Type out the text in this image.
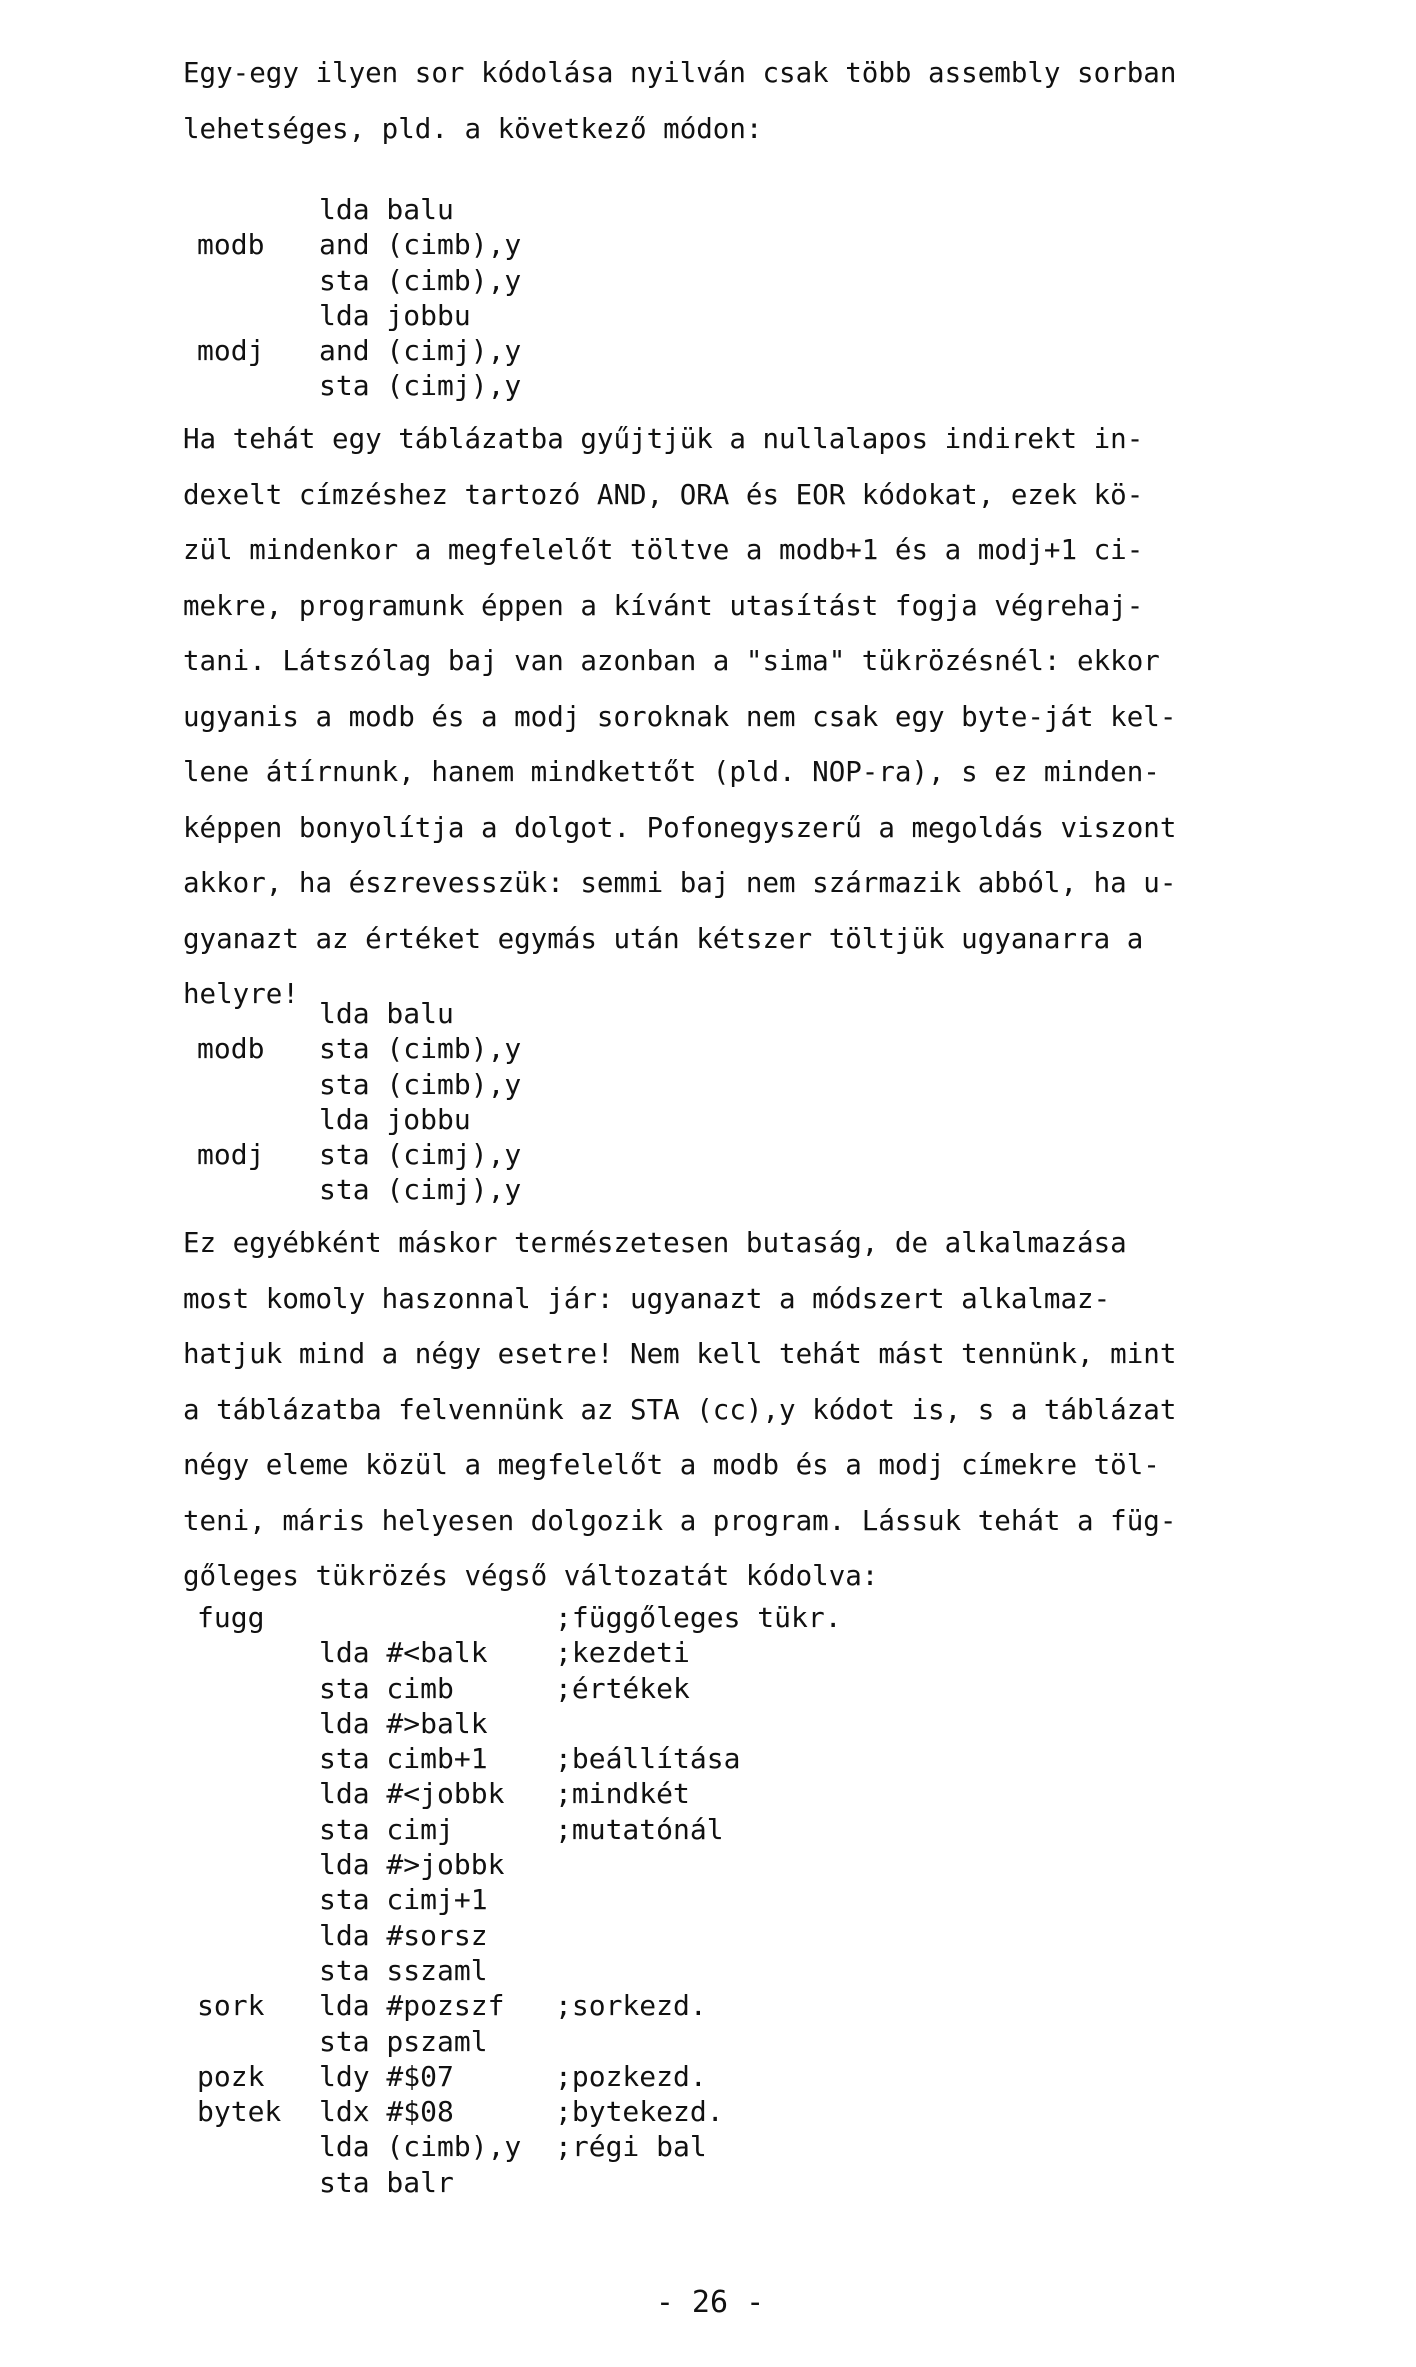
Egy-egy ilyen sor kódolása nyilván csak több assembly sorban
lehetséges, pld. a következő módon:
lda balu
modb and (cimb),y
sta (cimb),y
lda jobbu
modj and (cimj),y
sta (cimj),y
Ha tehát egy táblázatba gyűjtjük a nullalapos indirekt in-
dexelt címzéshez tartozó AND, ORA és EOR kódokat, ezek kö-
zül mindenkor a megfelelőt töltve a modb+1 és a modj+1 ci-
mekre, programunk éppen a kívánt utasítást fogja végrehaj-
tani. Látszólag baj van azonban a "sima" tükrözésnél: ekkor
ugyanis a modb és a modj soroknak nem csak egy byte-ját kel-
lene átírnunk, hanem mindkettőt (pld. NOP-ra), s ez minden-
képpen bonyolítja a dolgot. Pofonegyszerű a megoldás viszont
akkor, ha észrevesszük: semmi baj nem származik abból, ha u-
gyanazt az értéket egymás után kétszer töltjük ugyanarra a
helyre!
lda balu
modb sta (cimb),y
sta (cimb),y
lda jobbu
modj sta (cimj),y
sta (cimj),y
Ez egyébként máskor természetesen butaság, de alkalmazása
most komoly haszonnal jár: ugyanazt a módszert alkalmaz-
hatjuk mind a négy esetre! Nem kell tehát mást tennünk, mint
a táblázatba felvennünk az STA (cc),y kódot is, s a táblázat
négy eleme közül a megfelelőt a modb és a modj címekre töl-
teni, máris helyesen dolgozik a program. Lássuk tehát a füg-
gőleges tükrözés végső változatát kódolva:
fugg	;függőleges tükr.
lda #<balk ;kezdeti
sta cimb	;értékek
lda #>balk
sta cimb+1 ;beállítása
lda #<jobbk ;mindkét
sta cimj	;mutatónál
lda #>jobbk
sta cimj+1
lda #sorsz
sta sszaml
sork lda #pozszf ;sorkezd.
sta pszaml
pozk ldy #$07	;pozkezd.
bytek ldx #$08	;bytekezd.
lda (cimb),y ;régi bal
sta balr
- 26 -
